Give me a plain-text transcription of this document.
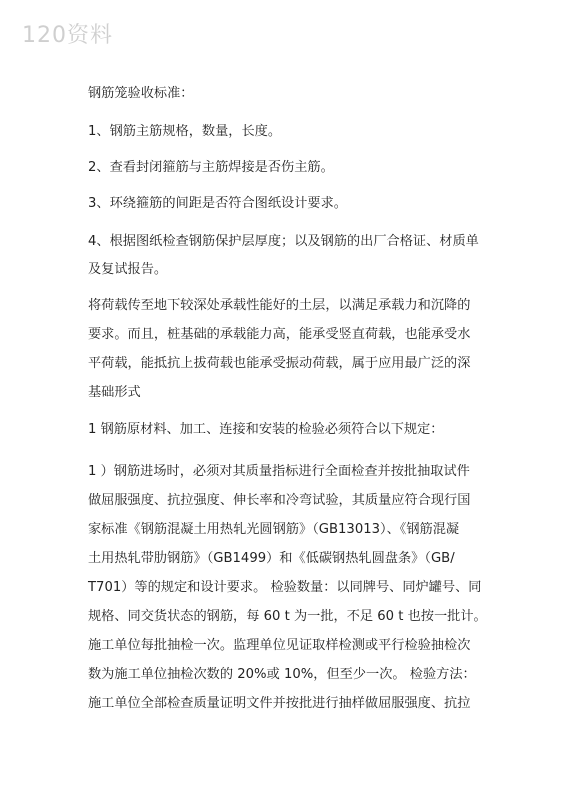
120资料
钢筋笼验收标准：
1、钢筋主筋规格，数量，长度。
2、查看封闭箍筋与主筋焊接是否伤主筋。
3、环绕箍筋的间距是否符合图纸设计要求。
4、根据图纸检查钢筋保护层厚度；以及钢筋的出厂合格证、材质单
及复试报告。
将荷载传至地下较深处承载性能好的土层，以满足承载力和沉降的
要求。而且，桩基础的承载能力高，能承受竖直荷载，也能承受水
平荷载，能抵抗上拔荷载也能承受振动荷载，属于应用最广泛的深
基础形式
1 钢筋原材料、加工、连接和安装的检验必须符合以下规定：
1 ）钢筋进场时，必须对其质量指标进行全面检查并按批抽取试件
做屈服强度、抗拉强度、伸长率和冷弯试验，其质量应符合现行国
家标准《钢筋混凝土用热轧光圆钢筋》（GB13013）、《钢筋混凝
土用热轧带肋钢筋》（GB1499）和《低碳钢热轧圆盘条》（GB/
T701）等的规定和设计要求。 检验数量：以同牌号、同炉罐号、同
规格、同交货状态的钢筋，每 60 t 为一批，不足 60 t 也按一批计。
施工单位每批抽检一次。监理单位见证取样检测或平行检验抽检次
数为施工单位抽检次数的 20%或 10%，但至少一次。 检验方法：
施工单位全部检查质量证明文件并按批进行抽样做屈服强度、抗拉
